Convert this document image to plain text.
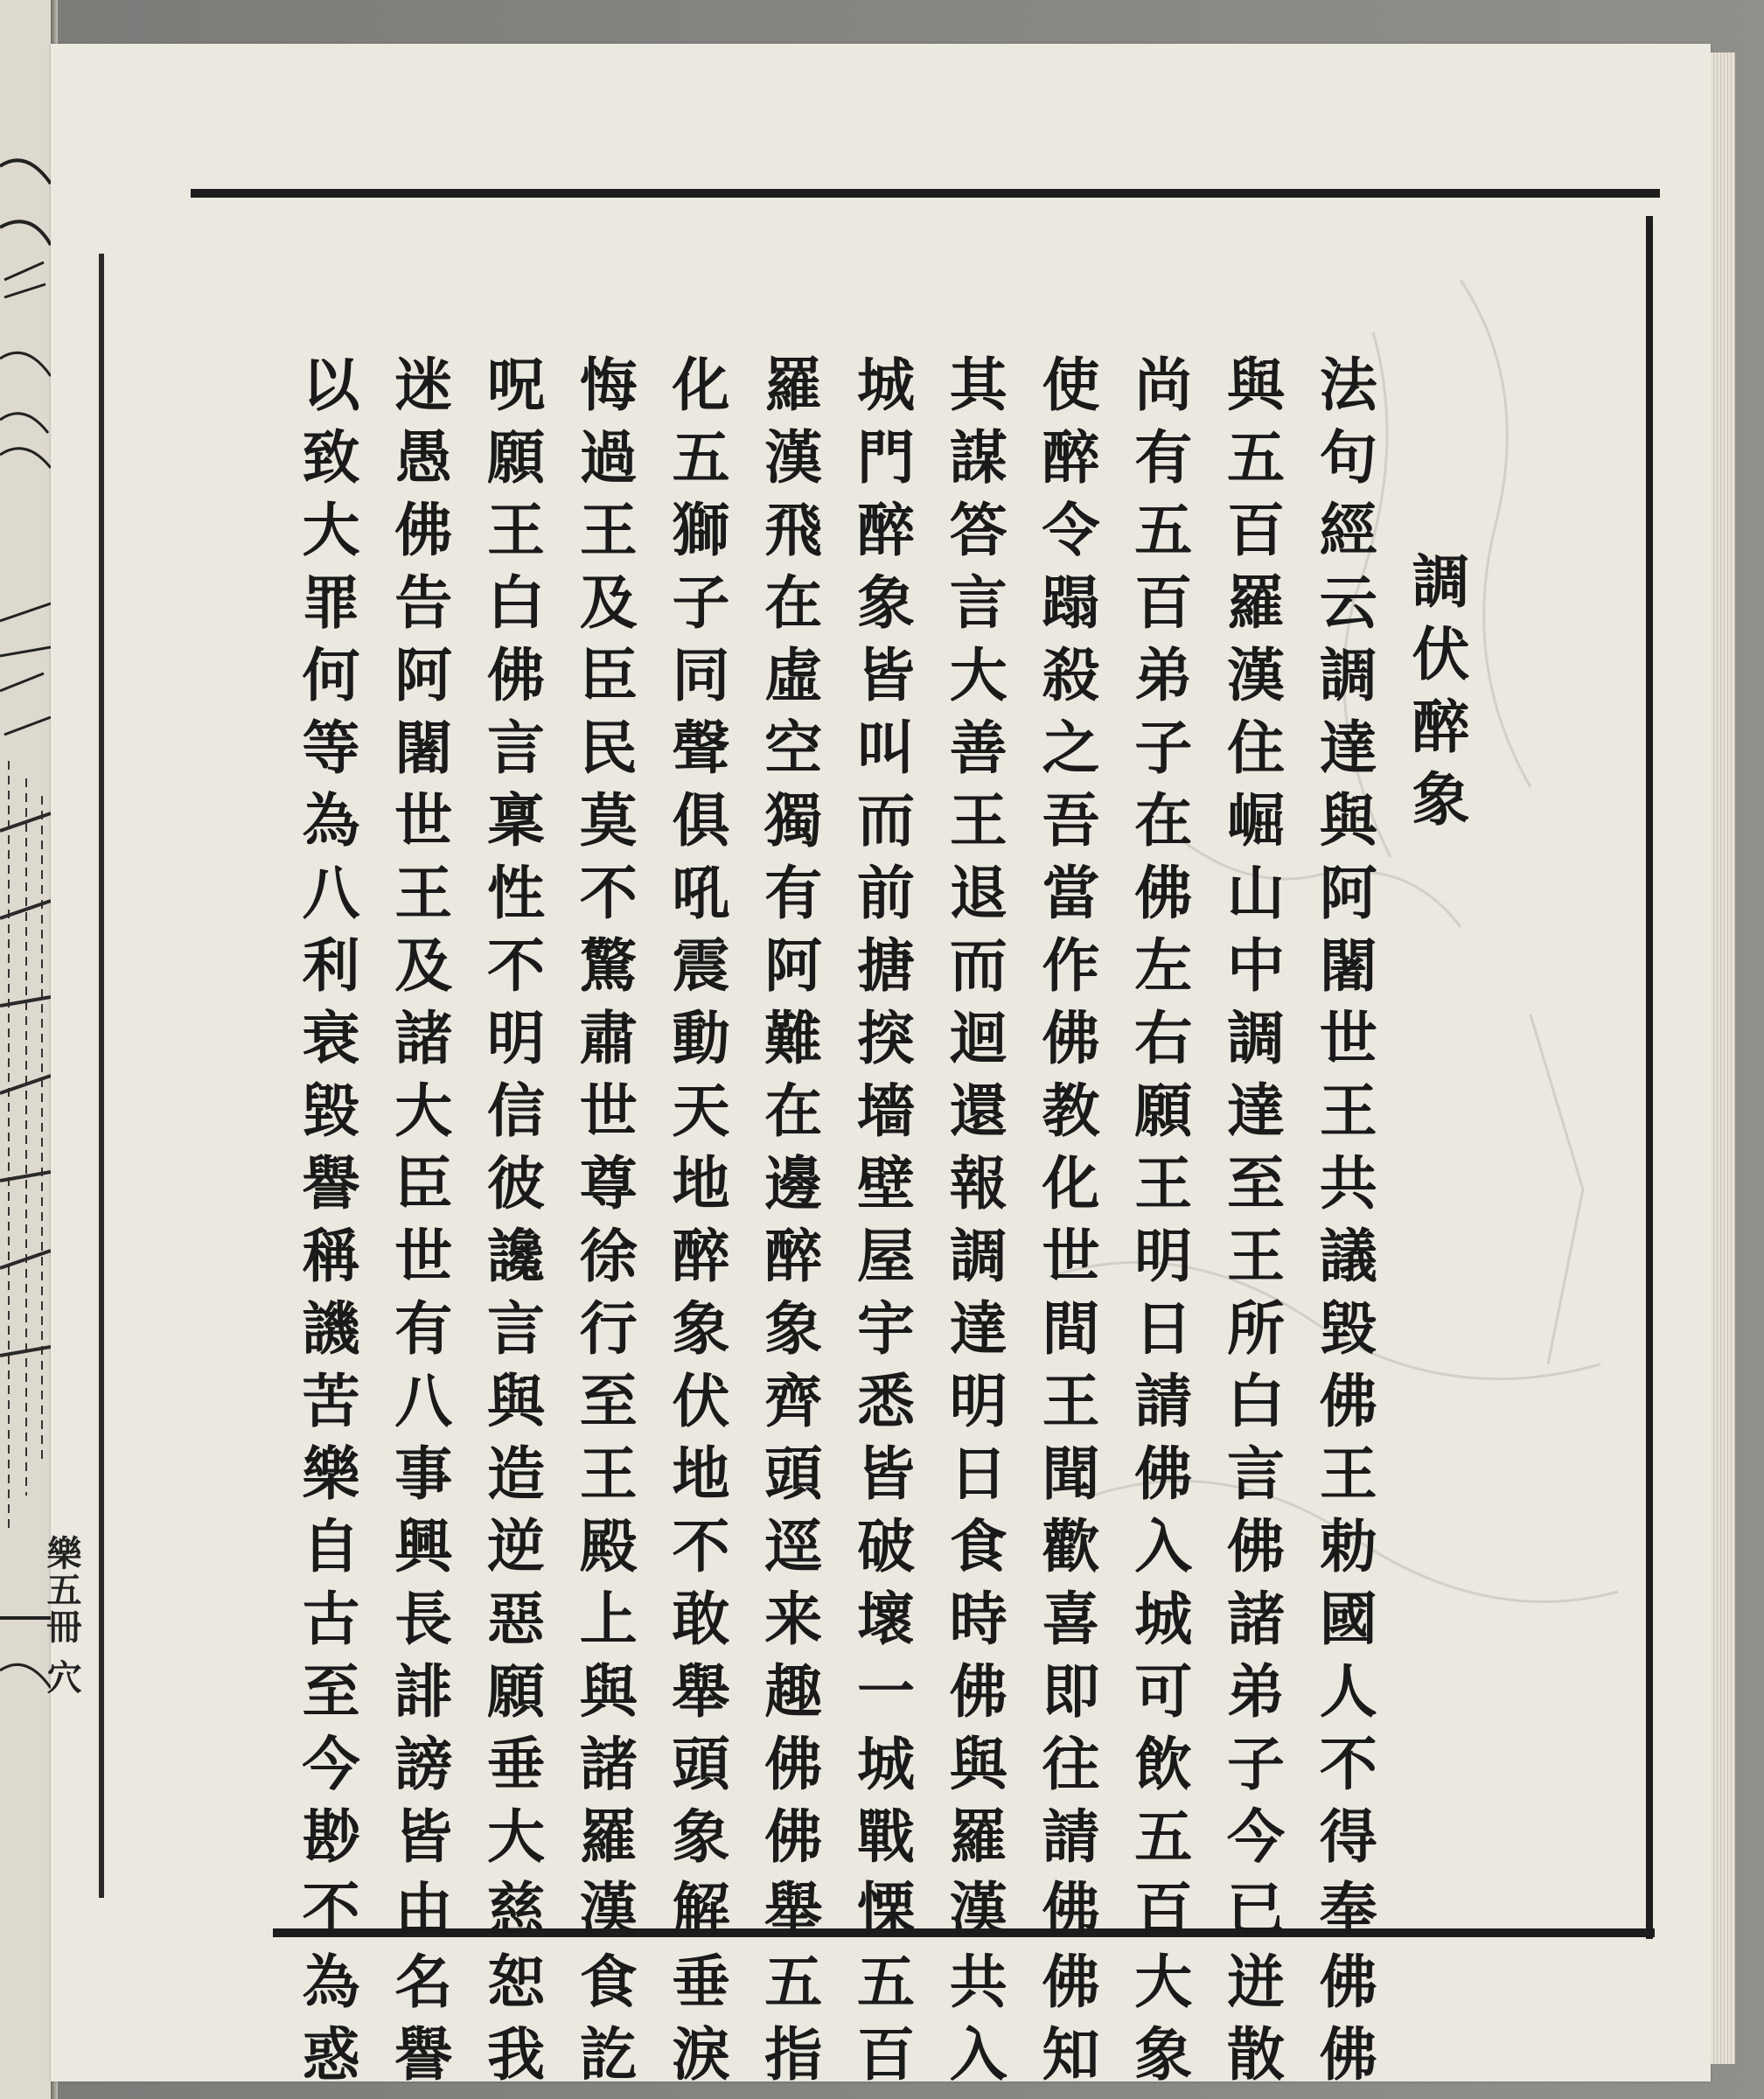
調伏醉象
法句經云調達與阿闍世王共議毀佛王勅國人不得奉佛佛
與五百羅漢住崛山中調達至王所白言佛諸弟子今已迸散
尚有五百弟子在佛左右願王明日請佛入城可飲五百大象
使醉令蹋殺之吾當作佛教化世間王聞歡喜即往請佛佛知
其謀答言大善王退而迴還報調達明日食時佛與羅漢共入
城門醉象皆叫而前搪揬墻壁屋宇悉皆破壞一城戰慄五百
羅漢飛在虛空獨有阿難在邊醉象齊頭逕来趣佛佛舉五指
化五獅子同聲俱吼震動天地醉象伏地不敢舉頭象解垂淚
悔過王及臣民莫不驚肅世尊徐行至王殿上與諸羅漢食訖
呪願王白佛言稟性不明信彼讒言與造逆惡願垂大慈恕我
迷愚佛告阿闍世王及諸大臣世有八事興長誹謗皆由名譽
以致大罪何等為八利衰毀譽稱譏苦樂自古至今尠不為惑
樂五冊 穴
